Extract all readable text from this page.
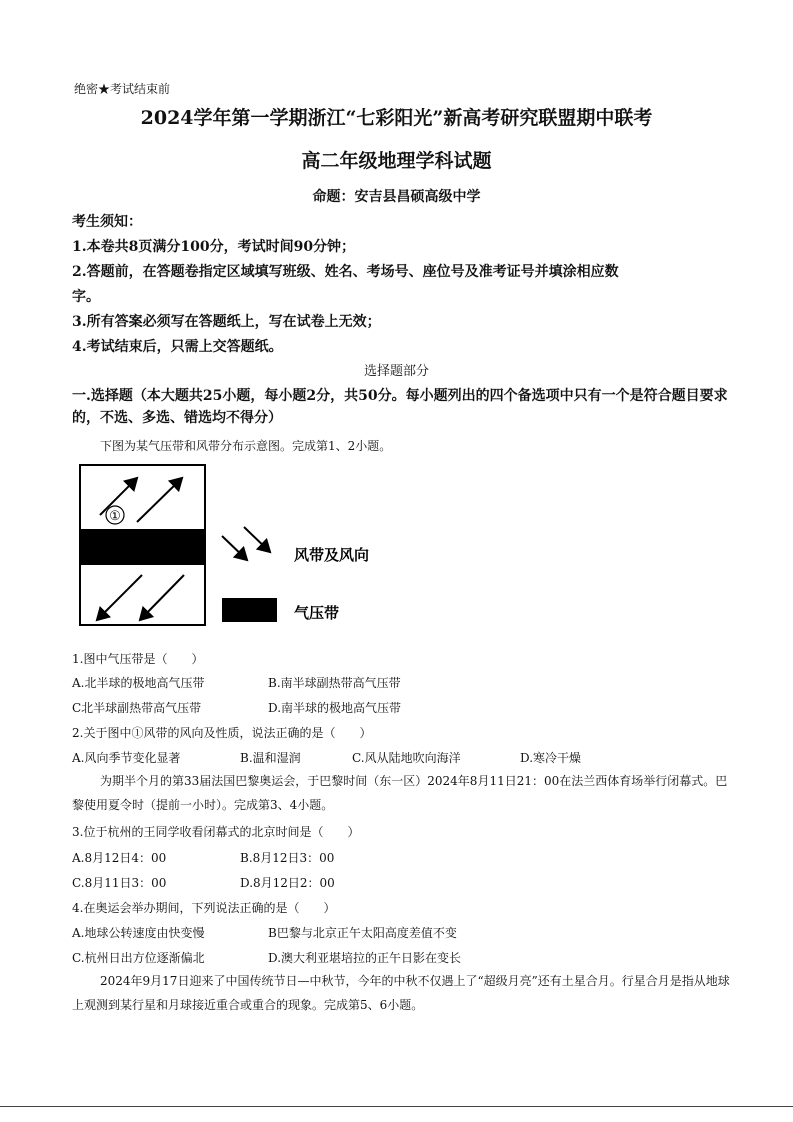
绝密★考试结束前
2024学年第一学期浙江“七彩阳光”新高考研究联盟期中联考
高二年级地理学科试题
命题：安吉县昌硕高级中学
考生须知：
1.本卷共8页满分100分，考试时间90分钟；
2.答题前，在答题卷指定区域填写班级、姓名、考场号、座位号及准考证号并填涂相应数
字。
3.所有答案必须写在答题纸上，写在试卷上无效；
4.考试结束后，只需上交答题纸。
选择题部分
一.选择题（本大题共25小题，每小题2分，共50分。每小题列出的四个备选项中只有一个是符合题目要求的，不选、多选、错选均不得分）
下图为某气压带和风带分布示意图。完成第1、2小题。
①
风带及风向
气压带
1.图中气压带是（　　）
A.北半球的极地高气压带	B.南半球副热带高气压带
C北半球副热带高气压带	D.南半球的极地高气压带
2.关于图中①风带的风向及性质，说法正确的是（　　）
A.风向季节变化显著	B.温和湿润	C.风从陆地吹向海洋	D.寒冷干燥
为期半个月的第33届法国巴黎奥运会，于巴黎时间（东一区）2024年8月11日21：00在法兰西体育场举行闭幕式。巴黎使用夏令时（提前一小时）。完成第3、4小题。
3.位于杭州的王同学收看闭幕式的北京时间是（　　）
A.8月12日4：00	B.8月12日3：00
C.8月11日3：00	D.8月12日2：00
4.在奥运会举办期间，下列说法正确的是（　　）
A.地球公转速度由快变慢	B巴黎与北京正午太阳高度差值不变
C.杭州日出方位逐渐偏北	D.澳大利亚堪培拉的正午日影在变长
2024年9月17日迎来了中国传统节日—中秋节，今年的中秋不仅遇上了“超级月亮”还有土星合月。行星合月是指从地球上观测到某行星和月球接近重合或重合的现象。完成第5、6小题。
